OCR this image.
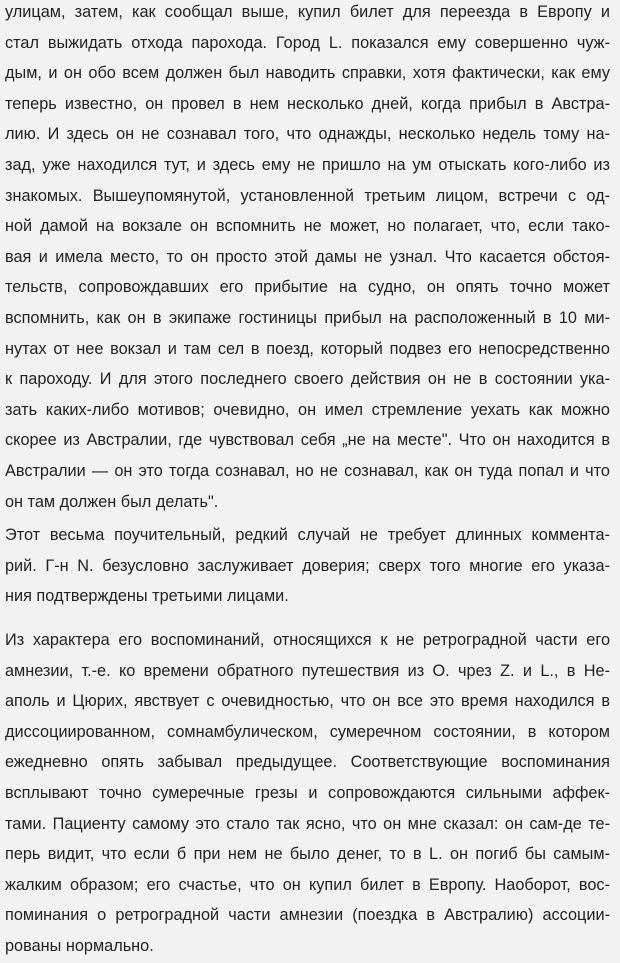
улицам, затем, как сообщал выше, купил билет для переезда в Европу и
стал выжидать отхода парохода. Город L. показался ему совершенно чуж-
дым, и он обо всем должен был наводить справки, хотя фактически, как ему
теперь известно, он провел в нем несколько дней, когда прибыл в Австра-
лию. И здесь он не сознавал того, что однажды, несколько недель тому на-
зад, уже находился тут, и здесь ему не пришло на ум отыскать кого-либо из
знакомых. Вышеупомянутой, установленной третьим лицом, встречи с од-
ной дамой на вокзале он вспомнить не может, но полагает, что, если тако-
вая и имела место, то он просто этой дамы не узнал. Что касается обстоя-
тельств, сопровождавших его прибытие на судно, он опять точно может
вспомнить, как он в экипаже гостиницы прибыл на расположенный в 10 ми-
нутах от нее вокзал и там сел в поезд, который подвез его непосредственно
к пароходу. И для этого последнего своего действия он не в состоянии ука-
зать каких-либо мотивов; очевидно, он имел стремление уехать как можно
скорее из Австралии, где чувствовал себя „не на месте". Что он находится в
Австралии — он это тогда сознавал, но не сознавал, как он туда попал и что
он там должен был делать".
Этот весьма поучительный, редкий случай не требует длинных коммента-
рий. Г-н N. безусловно заслуживает доверия; сверх того многие его указа-
ния подтверждены третьими лицами.
Из характера его воспоминаний, относящихся к не ретроградной части его
амнезии, т.-е. ко времени обратного путешествия из О. чрез Z. и L., в Не-
аполь и Цюрих, явствует с очевидностью, что он все это время находился в
диссоциированном, сомнамбулическом, сумеречном состоянии, в котором
ежедневно опять забывал предыдущее. Соответствующие воспоминания
всплывают точно сумеречные грезы и сопровождаются сильными аффек-
тами. Пациенту самому это стало так ясно, что он мне сказал: он сам-де те-
перь видит, что если б при нем не было денег, то в L. он погиб бы самым-
жалким образом; его счастье, что он купил билет в Европу. Наоборот, вос-
поминания о ретроградной части амнезии (поездка в Австралию) ассоции-
рованы нормально.
